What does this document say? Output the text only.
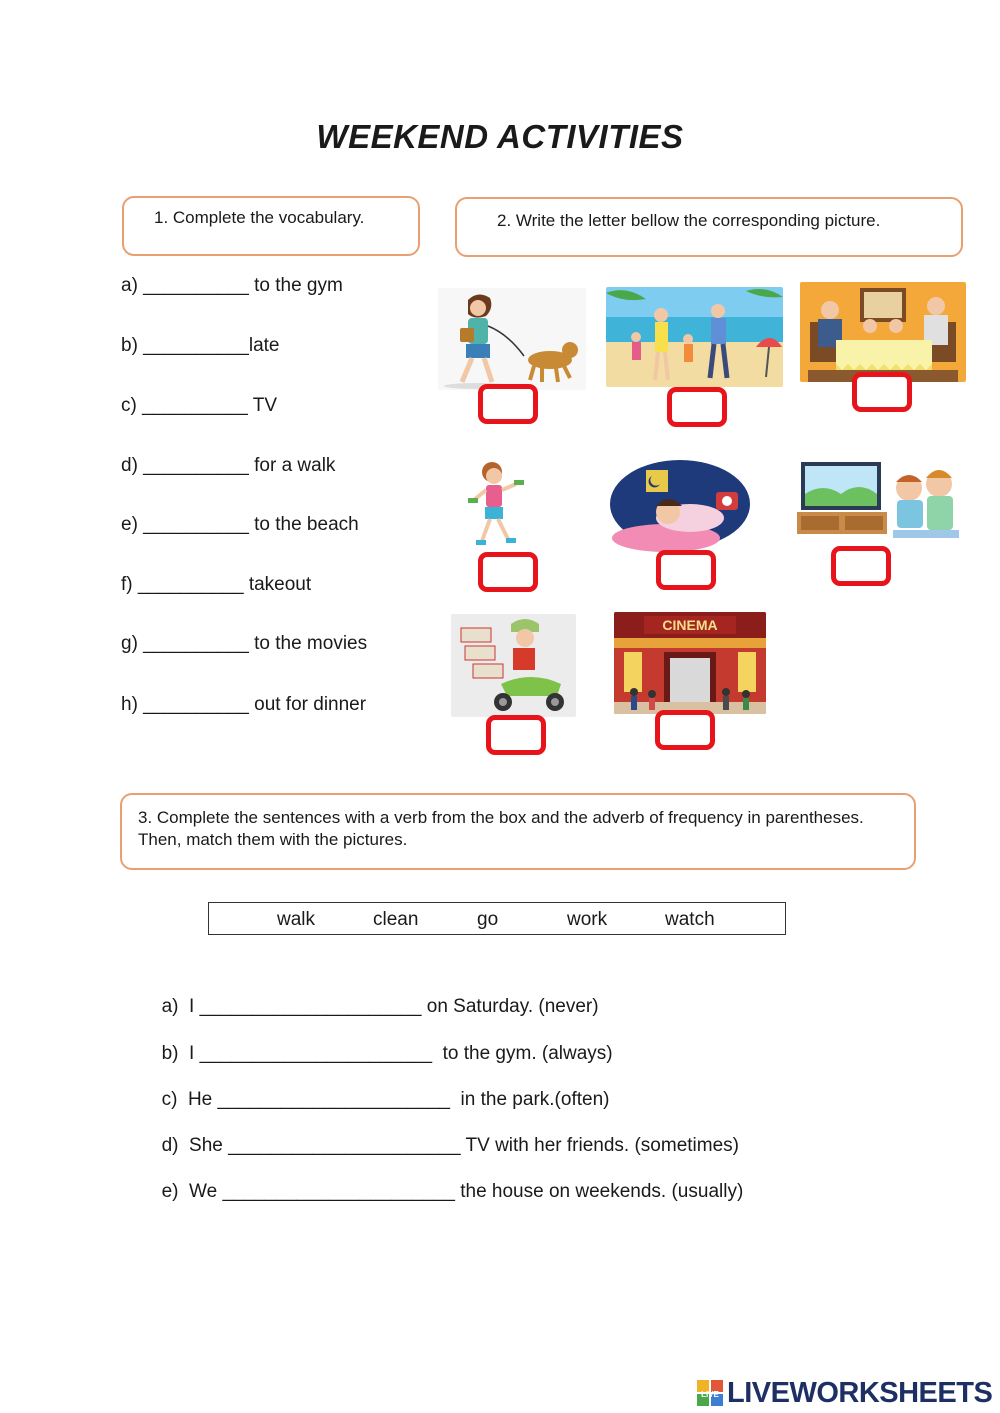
WEEKEND ACTIVITIES
1. Complete the vocabulary.	2. Write the letter bellow the corresponding picture.
a) __________ to the gym
b) __________late
c) __________ TV
d) __________ for a walk
e) __________ to the beach
f) __________ takeout
g) __________ to the movies
h) __________ out for dinner
CINEMA
3. Complete the sentences with a verb from the box and the adverb of frequency in parentheses. Then, match them with the pictures.
walk	clean	go	work	watch

a) I _____________________ on Saturday. (never)

b) I ______________________  to the gym. (always)

c) He ______________________  in the park.(often)

d) She ______________________ TV with her friends. (sometimes)

e) We ______________________ the house on weekends. (usually)

LIVE LIVEWORKSHEETS
